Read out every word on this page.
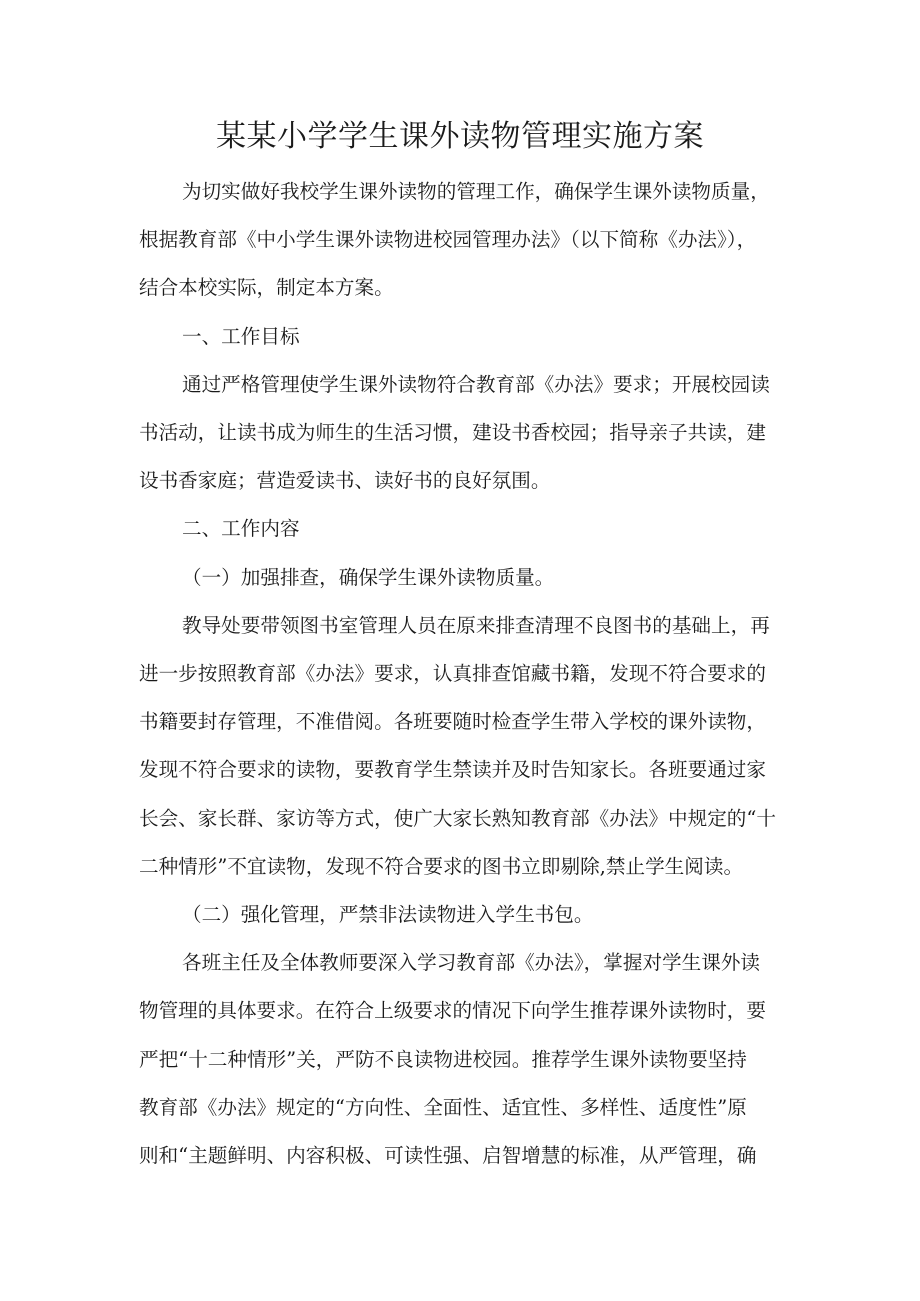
某某小学学生课外读物管理实施方案

为切实做好我校学生课外读物的管理工作，确保学生课外读物质量，
根据教育部《中小学生课外读物进校园管理办法》（以下简称《办法》），
结合本校实际，制定本方案。

一、工作目标

通过严格管理使学生课外读物符合教育部《办法》要求；开展校园读
书活动，让读书成为师生的生活习惯，建设书香校园；指导亲子共读，建
设书香家庭；营造爱读书、读好书的良好氛围。

二、工作内容

（一）加强排查，确保学生课外读物质量。

教导处要带领图书室管理人员在原来排查清理不良图书的基础上，再
进一步按照教育部《办法》要求，认真排查馆藏书籍，发现不符合要求的
书籍要封存管理，不准借阅。各班要随时检查学生带入学校的课外读物，
发现不符合要求的读物，要教育学生禁读并及时告知家长。各班要通过家
长会、家长群、家访等方式，使广大家长熟知教育部《办法》中规定的“十
二种情形”不宜读物，发现不符合要求的图书立即剔除,禁止学生阅读。

（二）强化管理，严禁非法读物进入学生书包。

各班主任及全体教师要深入学习教育部《办法》，掌握对学生课外读
物管理的具体要求。在符合上级要求的情况下向学生推荐课外读物时，要
严把“十二种情形”关，严防不良读物进校园。推荐学生课外读物要坚持
教育部《办法》规定的“方向性、全面性、适宜性、多样性、适度性”原
则和“主题鲜明、内容积极、可读性强、启智增慧的标准，从严管理，确
